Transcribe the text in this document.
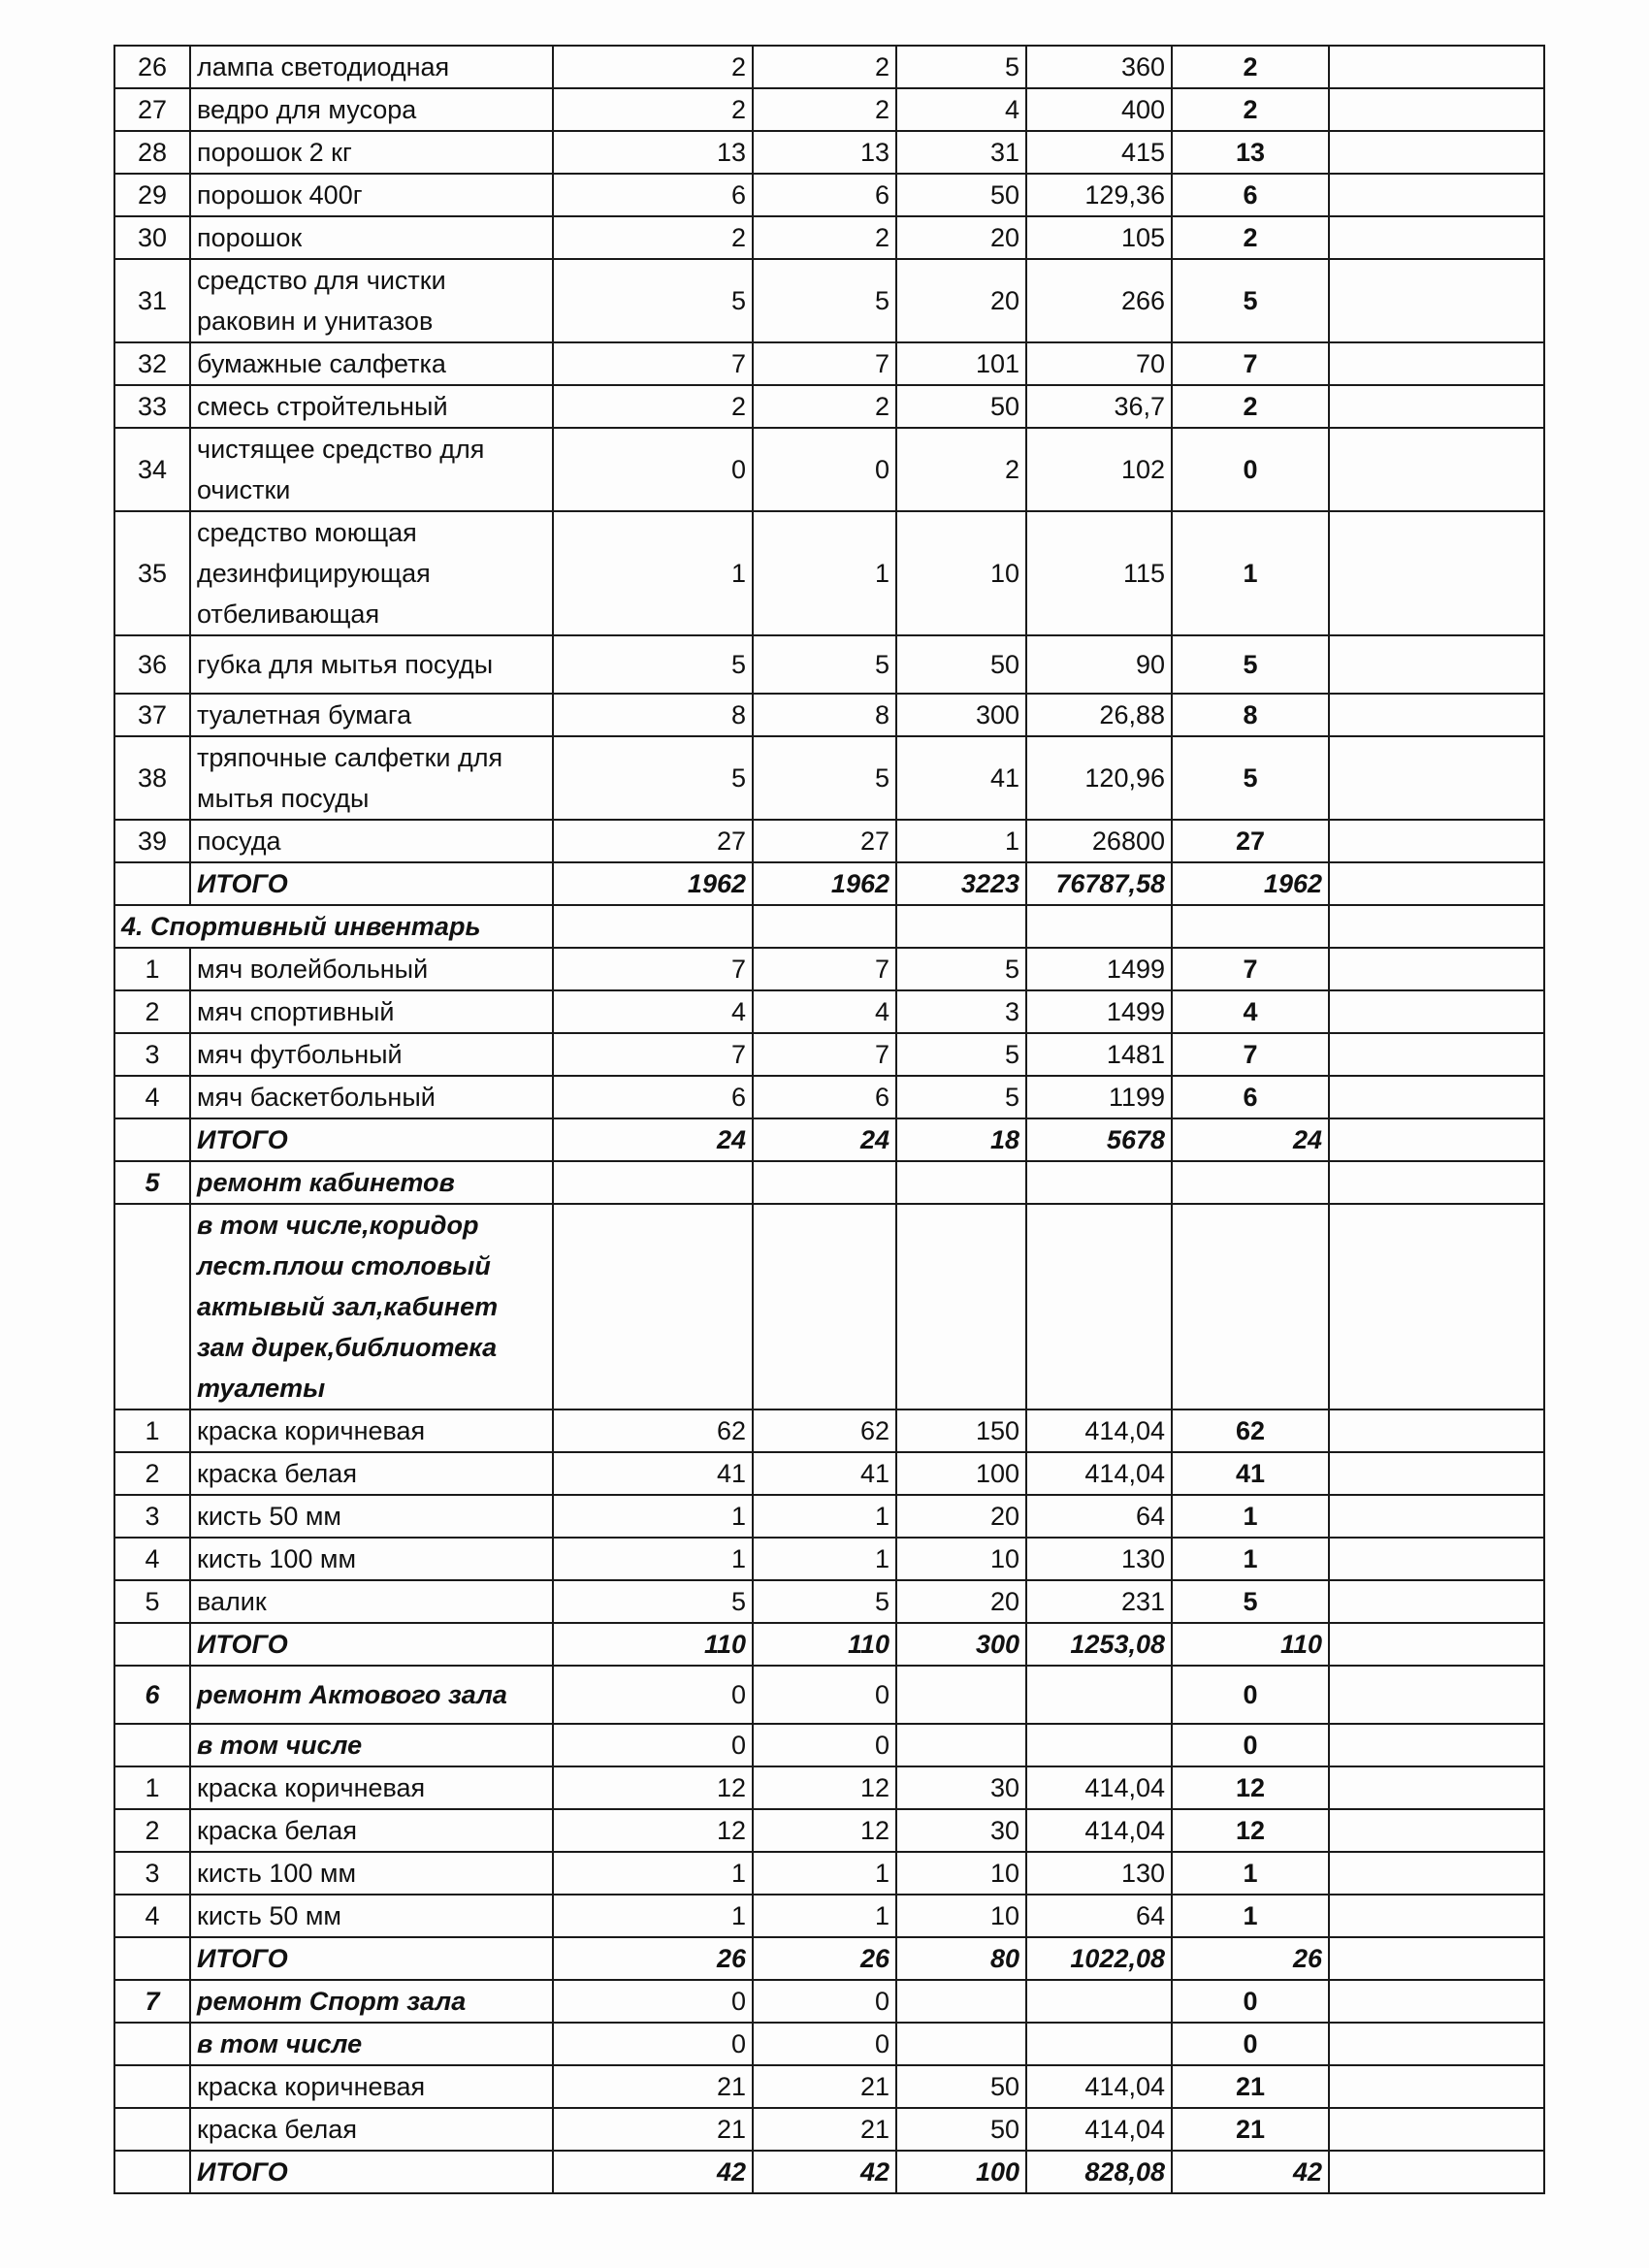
26	лампа светодиодная	2	2	5	360	2	
27	ведро для мусора	2	2	4	400	2	
28	порошок 2 кг	13	13	31	415	13	
29	порошок 400г	6	6	50	129,36	6	
30	порошок	2	2	20	105	2	
31	средство для чистки
раковин и унитазов	5	5	20	266	5	
32	бумажные салфетка	7	7	101	70	7	
33	смесь стройтельный	2	2	50	36,7	2	
34	чистящее средство для
очистки	0	0	2	102	0	
35	средство моющая
дезинфицирующая
отбеливающая	1	1	10	115	1	
36	губка для мытья посуды	5	5	50	90	5	
37	туалетная бумага	8	8	300	26,88	8	
38	тряпочные салфетки для
мытья посуды	5	5	41	120,96	5	
39	посуда	27	27	1	26800	27	
	ИТОГО	1962	1962	3223	76787,58	1962	
4. Спортивный инвентарь							
1	мяч волейбольный	7	7	5	1499	7	
2	мяч спортивный	4	4	3	1499	4	
3	мяч футбольный	7	7	5	1481	7	
4	мяч баскетбольный	6	6	5	1199	6	
	ИТОГО	24	24	18	5678	24	
5	ремонт кабинетов						
	в том числе,коридор
лест.плош столовый
актывый зал,кабинет
зам дирек,библиотека
туалеты						
1	краска коричневая	62	62	150	414,04	62	
2	краска белая	41	41	100	414,04	41	
3	кисть 50 мм	1	1	20	64	1	
4	кисть 100 мм	1	1	10	130	1	
5	валик	5	5	20	231	5	
	ИТОГО	110	110	300	1253,08	110	
6	ремонт Актового зала	0	0			0	
	в том числе	0	0			0	
1	краска коричневая	12	12	30	414,04	12	
2	краска белая	12	12	30	414,04	12	
3	кисть 100 мм	1	1	10	130	1	
4	кисть 50 мм	1	1	10	64	1	
	ИТОГО	26	26	80	1022,08	26	
7	ремонт Спорт зала	0	0			0	
	в том числе	0	0			0	
	краска коричневая	21	21	50	414,04	21	
	краска белая	21	21	50	414,04	21	
	ИТОГО	42	42	100	828,08	42	
